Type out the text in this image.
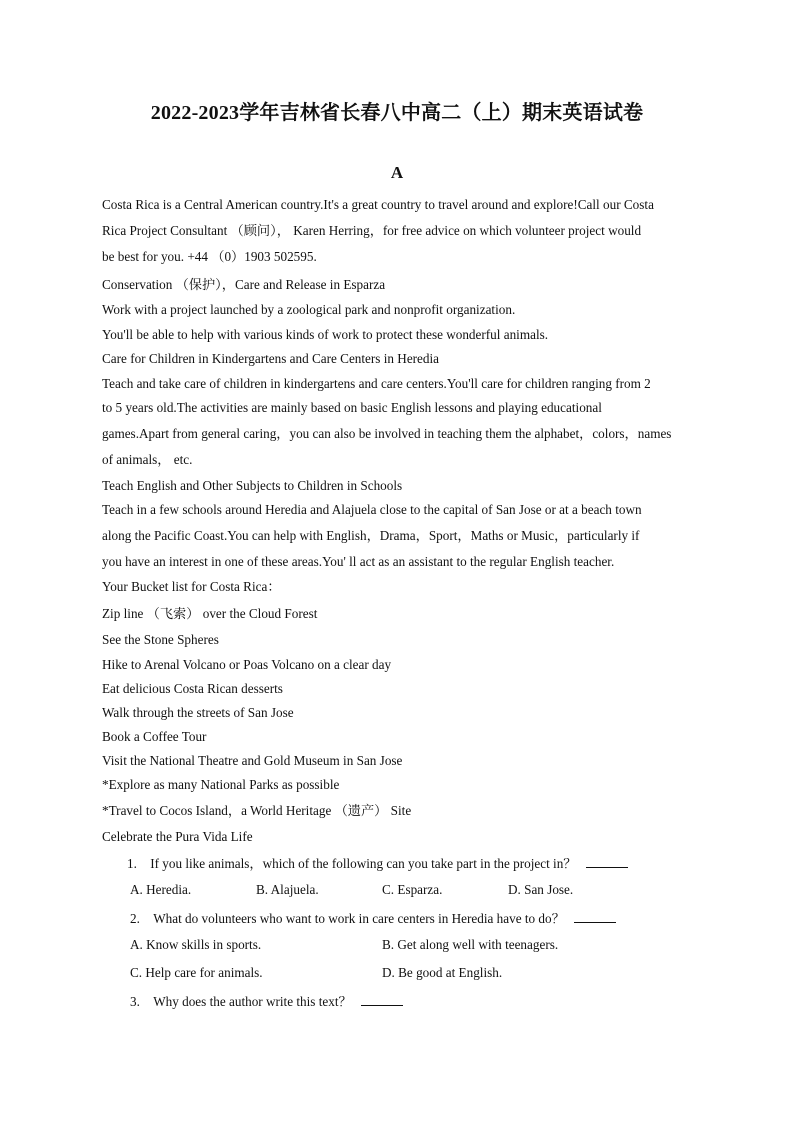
2022-2023学年吉林省长春八中高二（上）期末英语试卷
A
Costa Rica is a Central American country.It's a great country to travel around and explore!Call our Costa
Rica Project Consultant （顾问）， Karen Herring，for free advice on which volunteer project would
be best for you. +44 （0）1903 502595.
Conservation （保护），Care and Release in Esparza
Work with a project launched by a zoological park and nonprofit organization.
You'll be able to help with various kinds of work to protect these wonderful animals.
Care for Children in Kindergartens and Care Centers in Heredia
Teach and take care of children in kindergartens and care centers.You'll care for children ranging from 2
to 5 years old.The activities are mainly based on basic English lessons and playing educational
games.Apart from general caring，you can also be involved in teaching them the alphabet，colors，names
of animals， etc.
Teach English and Other Subjects to Children in Schools
Teach in a few schools around Heredia and Alajuela close to the capital of San Jose or at a beach town
along the Pacific Coast.You can help with English，Drama，Sport，Maths or Music，particularly if
you have an interest in one of these areas.You' ll act as an assistant to the regular English teacher.
Your Bucket list for Costa Rica：
Zip line （飞索） over the Cloud Forest
See the Stone Spheres
Hike to Arenal Volcano or Poas Volcano on a clear day
Eat delicious Costa Rican desserts
Walk through the streets of San Jose
Book a Coffee Tour
Visit the National Theatre and Gold Museum in San Jose
*Explore as many National Parks as possible
*Travel to Cocos Island，a World Heritage （遗产） Site
Celebrate the Pura Vida Life
1. If you like animals，which of the following can you take part in the project in？
A. Heredia.	B. Alajuela.	C. Esparza.	D. San Jose.
2. What do volunteers who want to work in care centers in Heredia have to do？
A. Know skills in sports.	B. Get along well with teenagers.
C. Help care for animals.	D. Be good at English.
3. Why does the author write this text？
